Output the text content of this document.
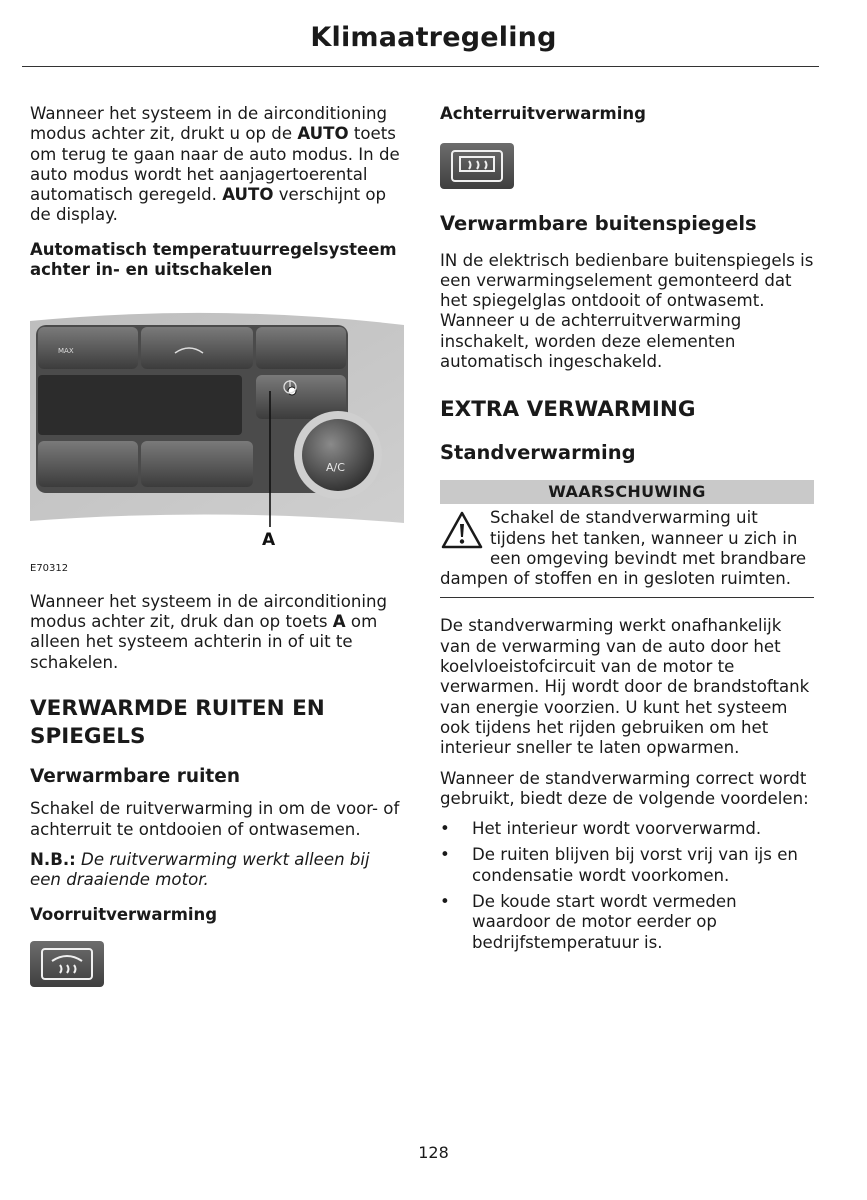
Klimaatregeling

Wanneer het systeem in de airconditioning modus achter zit, drukt u op de AUTO toets om terug te gaan naar de auto modus. In de auto modus wordt het aanjagertoerental automatisch geregeld. AUTO verschijnt op de display.

Automatisch temperatuurregelsysteem achter in- en uitschakelen
MAX
A/C
A
E70312

Wanneer het systeem in de airconditioning modus achter zit, druk dan op toets A om alleen het systeem achterin in of uit te schakelen.

VERWARMDE RUITEN EN SPIEGELS
Verwarmbare ruiten

Schakel de ruitverwarming in om de voor- of achterruit te ontdooien of ontwasemen.

N.B.: De ruitverwarming werkt alleen bij een draaiende motor.

Voorruitverwarming
Achterruitverwarming
Verwarmbare buitenspiegels

IN de elektrisch bedienbare buitenspiegels is een verwarmingselement gemonteerd dat het spiegelglas ontdooit of ontwasemt. Wanneer u de achterruitverwarming inschakelt, worden deze elementen automatisch ingeschakeld.

EXTRA VERWARMING
Standverwarming
WAARSCHUWING
Schakel de standverwarming uit tijdens het tanken, wanneer u zich in een omgeving bevindt met brandbare dampen of stoffen en in gesloten ruimten.

De standverwarming werkt onafhankelijk van de verwarming van de auto door het koelvloeistofcircuit van de motor te verwarmen. Hij wordt door de brandstoftank van energie voorzien. U kunt het systeem ook tijdens het rijden gebruiken om het interieur sneller te laten opwarmen.

Wanneer de standverwarming correct wordt gebruikt, biedt deze de volgende voordelen:

• Het interieur wordt voorverwarmd.
• De ruiten blijven bij vorst vrij van ijs en condensatie wordt voorkomen.
• De koude start wordt vermeden waardoor de motor eerder op bedrijfstemperatuur is.
128
